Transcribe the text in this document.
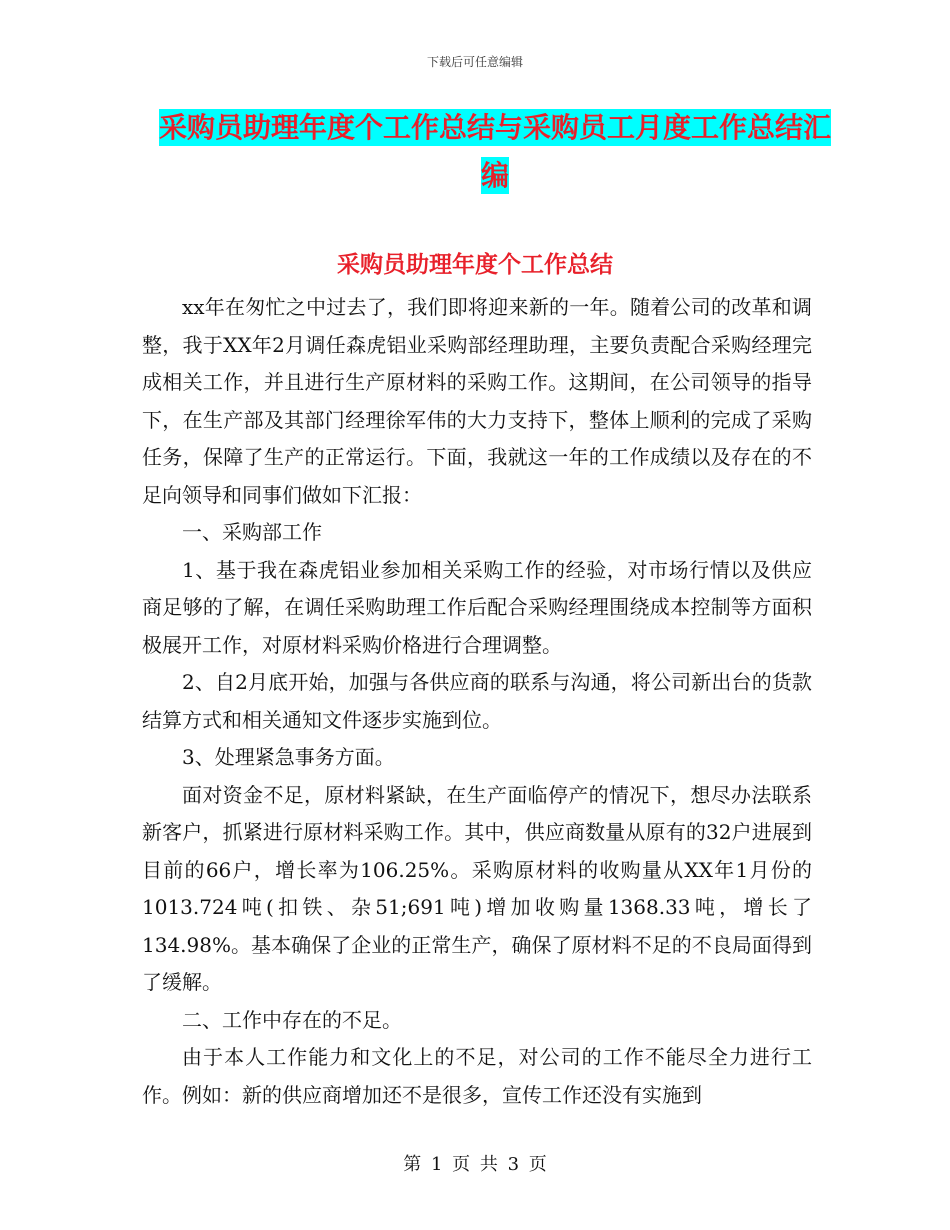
下载后可任意编辑
采购员助理年度个工作总结与采购员工月度工作总结汇编
采购员助理年度个工作总结

xx年在匆忙之中过去了，我们即将迎来新的一年。随着公司的改革和调整，我于XX年2月调任森虎铝业采购部经理助理，主要负责配合采购经理完成相关工作，并且进行生产原材料的采购工作。这期间，在公司领导的指导下，在生产部及其部门经理徐军伟的大力支持下，整体上顺利的完成了采购任务，保障了生产的正常运行。下面，我就这一年的工作成绩以及存在的不足向领导和同事们做如下汇报：

一、采购部工作

1、基于我在森虎铝业参加相关采购工作的经验，对市场行情以及供应商足够的了解，在调任采购助理工作后配合采购经理围绕成本控制等方面积极展开工作，对原材料采购价格进行合理调整。

2、自2月底开始，加强与各供应商的联系与沟通，将公司新出台的货款结算方式和相关通知文件逐步实施到位。

3、处理紧急事务方面。

面对资金不足，原材料紧缺，在生产面临停产的情况下，想尽办法联系新客户，抓紧进行原材料采购工作。其中，供应商数量从原有的32户进展到目前的66户，增长率为106.25%。采购原材料的收购量从XX年1月份的1013.724吨(扣铁、杂51;691吨)增加收购量1368.33吨，增长了134.98%。基本确保了企业的正常生产，确保了原材料不足的不良局面得到了缓解。

二、工作中存在的不足。

由于本人工作能力和文化上的不足，对公司的工作不能尽全力进行工作。例如：新的供应商增加还不是很多，宣传工作还没有实施到

第 1 页 共 3 页
